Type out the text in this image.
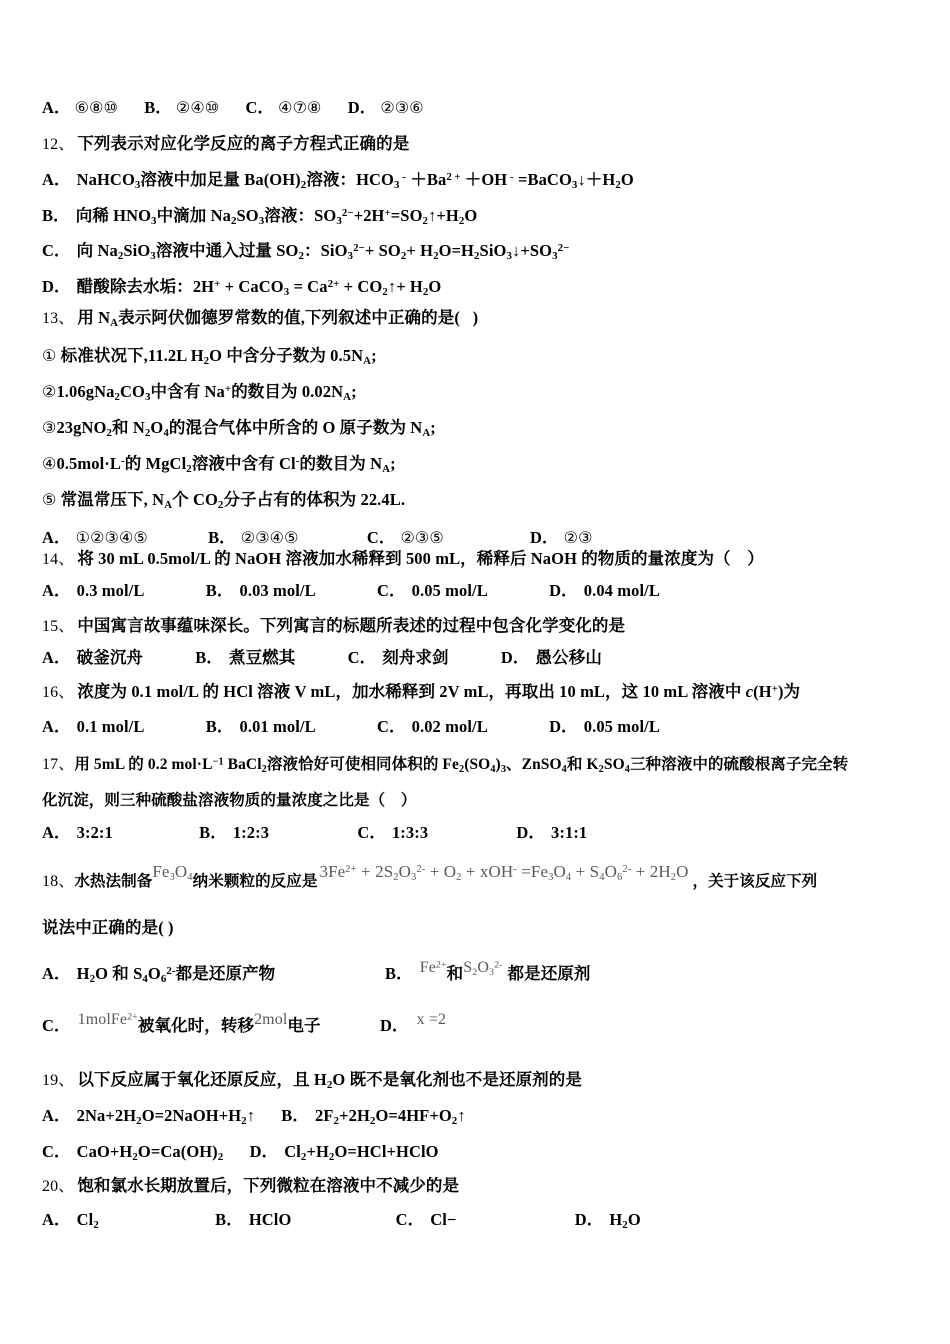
A． ⑥⑧⑩ B． ②④⑩ C． ④⑦⑧ D． ②③⑥
12、 下列表示对应化学反应的离子方程式正确的是
A． NaHCO$_3$溶液中加足量 $Ba(OH)_2$溶液：$HCO_3$ $^- +Ba^{2 +} +OH$ $^- =BaCO_3↓+H_2O$
B． 向稀 $HNO_3$中滴加 $Na_2SO_3$溶液：$SO_3^{2-}+2H^+=SO_2↑+H_2O$
C． 向 $Na_2SiO_3$溶液中通入过量 $SO_2$：$SiO_3^{2-}+ SO_2+$ $H_2O=H_2SiO_3↓+SO_3^{2-}$
D． 醋酸除去水垢：2H+ + CaCO$_3$ = $Ca^{2+}$ + $CO_2↑+ H_2O$
13、 用 $N_A$表示阿伏伽德罗常数的值,下列叙述中正确的是(   )
① 标准状况下,11.2L $H_2O$ 中含分子数为 $0.5N_A$;
$②1.06gNa_2CO_3$中含有 Na+的数目为 $0.02N_A$;
③23gNO$_2$和 $N_2O_4$的混合气体中所含的 O 原子数为 $N_A$;
④0.5mol·L-的 MgCl$_2$溶液中含有 Cl-的数目为 $N_A$;
⑤ 常温常压下, $N_A$个 $CO_2$分子占有的体积为 22.4L.
A． ①②③④⑤	B． ②③④⑤	C． ②③⑤	D． ②③
14、 将 30 mL 0.5mol/L 的 NaOH 溶液加水稀释到 500 mL，稀释后 NaOH 的物质的量浓度为（　）
A． 0.3 mol/L	B． 0.03 mol/L	C． 0.05 mol/L	D． 0.04 mol/L
15、 中国寓言故事蕴味深长。下列寓言的标题所表述的过程中包含化学变化的是
A． 破釜沉舟	B． 煮豆燃其	C． 刻舟求剑	D． 愚公移山
16、 浓度为 0.1 mol/L 的 HCl 溶液 V mL，加水稀释到 2V mL，再取出 10 mL，这 10 mL 溶液中 c(H+)为
A． 0.1 mol/L	B． 0.01 mol/L	C． 0.02 mol/L	D． 0.05 mol/L
17、用 5mL 的 0.2 $mol\cdot L^{-1}$ BaCl$_2$溶液恰好可使相同体积的 $Fe_2(SO_4)_3$、ZnSO$_4$和 $K_2SO_4$三种溶液中的硫酸根离子完全转
化沉淀，则三种硫酸盐溶液物质的量浓度之比是（　）
A． 3:2:1	B． 1:2:3	C． 1:3:3	D． 3:1:1
18、水热法制备$Fe_3O_4$纳米颗粒的反应是$3Fe^{2+} + 2S_2O_3^{2-} + O_2 + xOH^- =Fe_3O_4 + S_4O_6^{2-} + 2H_2O$，关于该反应下列
说法中正确的是( )
A． $H_2O$ 和 $S_4O_6^{2-}$都是还原产物	B． $Fe^{2+}$和$S_2O_3^{2-}$ 都是还原剂
C． 1molFe$^{2+}$被氧化时，转移2mol电子	D． x =2
19、 以下反应属于氧化还原反应，且 $H_2O$ 既不是氧化剂也不是还原剂的是
A． $2Na+2H_2O=2NaOH+H_2↑$ B． $2F_2+2H_2O=4HF+O_2↑$
C． $CaO+H_2O=Ca(OH)_2$ D． $Cl_2+H_2O=HCl+HClO$
20、 饱和氯水长期放置后，下列微粒在溶液中不减少的是
A． $Cl_2$	B． HClO	C． Cl−	D． $H_2O$
